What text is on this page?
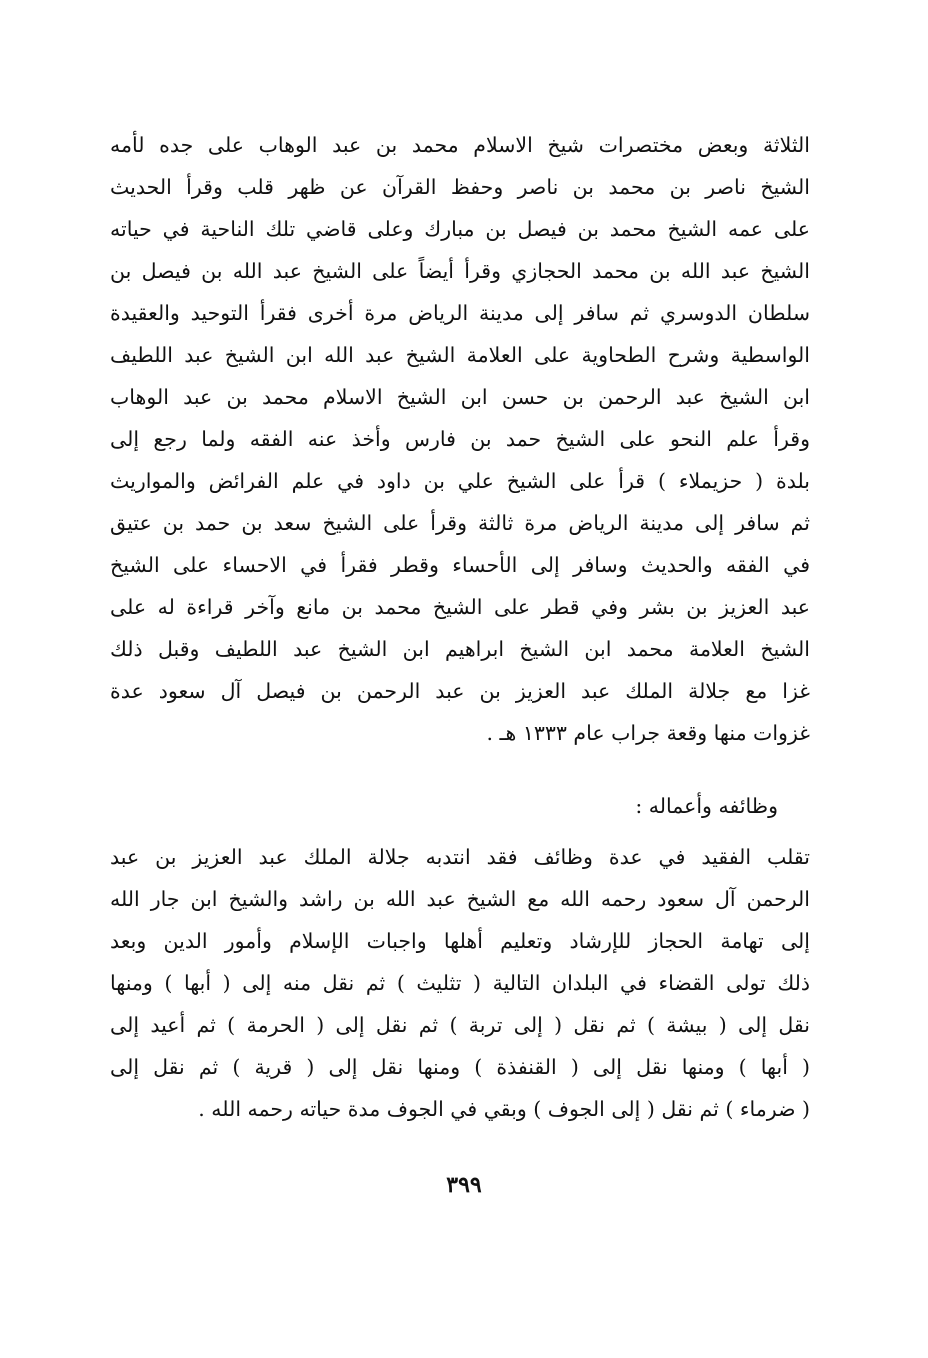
الثلاثة وبعض مختصرات شيخ الاسلام محمد بن عبد الوهاب على جده لأمه
الشيخ ناصر بن محمد بن ناصر وحفظ القرآن عن ظهر قلب وقرأ الحديث
على عمه الشيخ محمد بن فيصل بن مبارك وعلى قاضي تلك الناحية في حياته
الشيخ عبد الله بن محمد الحجازي وقرأ أيضاً على الشيخ عبد الله بن فيصل بن
سلطان الدوسري ثم سافر إلى مدينة الرياض مرة أخرى فقرأ التوحيد والعقيدة
الواسطية وشرح الطحاوية على العلامة الشيخ عبد الله ابن الشيخ عبد اللطيف
ابن الشيخ عبد الرحمن بن حسن ابن الشيخ الاسلام محمد بن عبد الوهاب
وقرأ علم النحو على الشيخ حمد بن فارس وأخذ عنه الفقه ولما رجع إلى
بلدة ( حزيملاء ) قرأ على الشيخ علي بن داود في علم الفرائض والمواريث
ثم سافر إلى مدينة الرياض مرة ثالثة وقرأ على الشيخ سعد بن حمد بن عتيق
في الفقه والحديث وسافر إلى الأحساء وقطر فقرأ في الاحساء على الشيخ
عبد العزيز بن بشر وفي قطر على الشيخ محمد بن مانع وآخر قراءة له على
الشيخ العلامة محمد ابن الشيخ ابراهيم ابن الشيخ عبد اللطيف وقبل ذلك
غزا مع جلالة الملك عبد العزيز بن عبد الرحمن بن فيصل آل سعود عدة
غزوات منها وقعة جراب عام ١٣٣٣ هـ .
وظائفه وأعماله :
تقلب الفقيد في عدة وظائف فقد انتدبه جلالة الملك عبد العزيز بن عبد
الرحمن آل سعود رحمه الله مع الشيخ عبد الله بن راشد والشيخ ابن جار الله
إلى تهامة الحجاز للإرشاد وتعليم أهلها واجبات الإسلام وأمور الدين وبعد
ذلك تولى القضاء في البلدان التالية ( تثليث ) ثم نقل منه إلى ( أبها ) ومنها
نقل إلى ( بيشة ) ثم نقل ( إلى تربة ) ثم نقل إلى ( الحرمة ) ثم أعيد إلى
( أبها ) ومنها نقل إلى ( القنفذة ) ومنها نقل إلى ( قرية ) ثم نقل إلى
( ضرماء ) ثم نقل ( إلى الجوف ) وبقي في الجوف مدة حياته رحمه الله .
٣٩٩
